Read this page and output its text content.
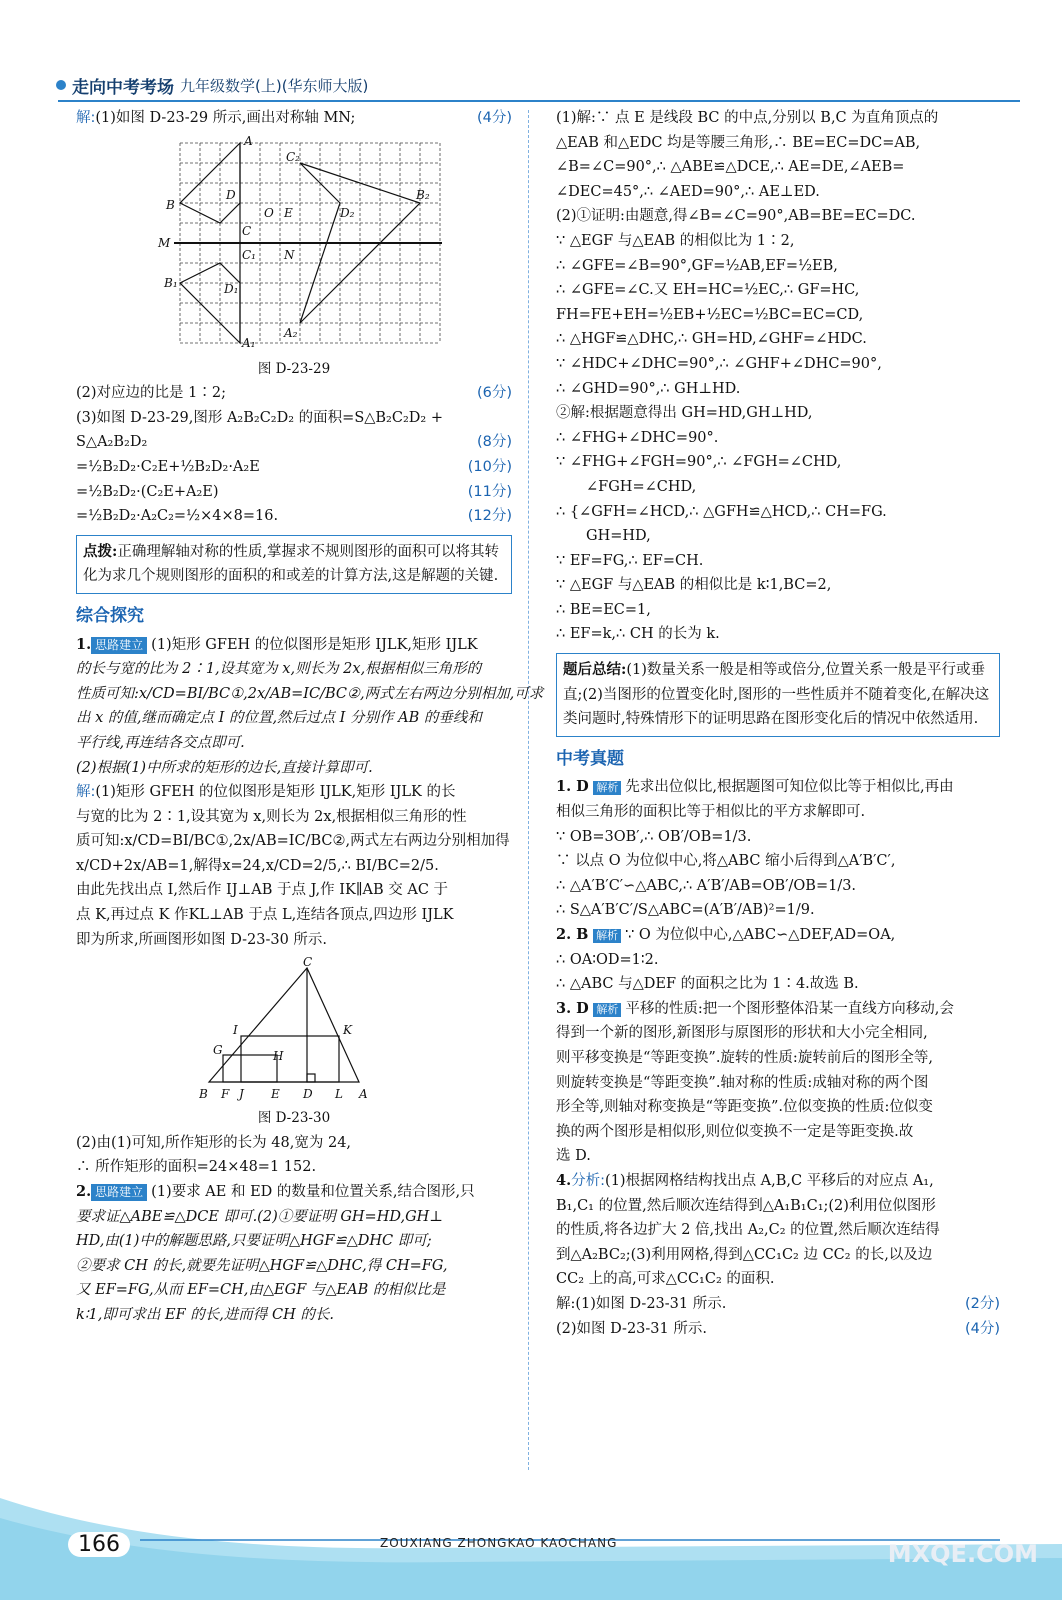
走向中考考场 九年级数学(上)(华东师大版)
解:(1)如图 D-23-29 所示,画出对称轴 MN;	(4分)
A
C₂
B
D
O E	D₂
B₂
C
M
C₁ N
B₁	D₁
A₁
A₂
图 D-23-29
(2)对应边的比是 1∶2;	(6分)
(3)如图 D-23-29,图形 A₂B₂C₂D₂ 的面积=S△B₂C₂D₂ +
S△A₂B₂D₂	(8分)
=½B₂D₂·C₂E+½B₂D₂·A₂E	(10分)
=½B₂D₂·(C₂E+A₂E)	(11分)
=½B₂D₂·A₂C₂=½×4×8=16.	(12分)
点拨:正确理解轴对称的性质,掌握求不规则图形的面积可以将其转化为求几个规则图形的面积的和或差的计算方法,这是解题的关键.
综合探究
1. 思路建立 (1)矩形 GFEH 的位似图形是矩形 IJLK,矩形 IJLK
的长与宽的比为 2∶1,设其宽为 x,则长为 2x,根据相似三角形的
性质可知:x/CD=BI/BC①,2x/AB=IC/BC②,两式左右两边分别相加,可求
出 x 的值,继而确定点 I 的位置,然后过点 I 分别作 AB 的垂线和
平行线,再连结各交点即可.
(2)根据(1)中所求的矩形的边长,直接计算即可.
解:(1)矩形 GFEH 的位似图形是矩形 IJLK,矩形 IJLK 的长
与宽的比为 2∶1,设其宽为 x,则长为 2x,根据相似三角形的性
质可知:x/CD=BI/BC①,2x/AB=IC/BC②,两式左右两边分别相加得
x/CD+2x/AB=1,解得x=24,x/CD=2/5,∴ BI/BC=2/5.
由此先找出点 I,然后作 IJ⊥AB 于点 J,作 IK∥AB 交 AC 于
点 K,再过点 K 作KL⊥AB 于点 L,连结各顶点,四边形 IJLK
即为所求,所画图形如图 D-23-30 所示.
C
I	K
G	H
B F J E D L A
图 D-23-30
(2)由(1)可知,所作矩形的长为 48,宽为 24,
∴ 所作矩形的面积=24×48=1 152.
2. 思路建立 (1)要求 AE 和 ED 的数量和位置关系,结合图形,只
要求证△ABE≌△DCE 即可.(2)①要证明 GH=HD,GH⊥
HD,由(1)中的解题思路,只要证明△HGF≌△DHC 即可;
②要求 CH 的长,就要先证明△HGF≌△DHC,得 CH=FG,
又 EF=FG,从而 EF=CH,由△EGF 与△EAB 的相似比是
k∶1,即可求出 EF 的长,进而得 CH 的长.
(1)解:∵ 点 E 是线段 BC 的中点,分别以 B,C 为直角顶点的
△EAB 和△EDC 均是等腰三角形,∴ BE=EC=DC=AB,
∠B=∠C=90°,∴ △ABE≌△DCE,∴ AE=DE,∠AEB=
∠DEC=45°,∴ ∠AED=90°,∴ AE⊥ED.
(2)①证明:由题意,得∠B=∠C=90°,AB=BE=EC=DC.
∵ △EGF 与△EAB 的相似比为 1∶2,
∴ ∠GFE=∠B=90°,GF=½AB,EF=½EB,
∴ ∠GFE=∠C.又 EH=HC=½EC,∴ GF=HC,
FH=FE+EH=½EB+½EC=½BC=EC=CD,
∴ △HGF≌△DHC,∴ GH=HD,∠GHF=∠HDC.
∵ ∠HDC+∠DHC=90°,∴ ∠GHF+∠DHC=90°,
∴ ∠GHD=90°,∴ GH⊥HD.
②解:根据题意得出 GH=HD,GH⊥HD,
∴ ∠FHG+∠DHC=90°.
∵ ∠FHG+∠FGH=90°,∴ ∠FGH=∠CHD,
∠FGH=∠CHD,
∴ {∠GFH=∠HCD,∴ △GFH≌△HCD,∴ CH=FG.
GH=HD,
∵ EF=FG,∴ EF=CH.
∵ △EGF 与△EAB 的相似比是 k∶1,BC=2,
∴ BE=EC=1,
∴ EF=k,∴ CH 的长为 k.
题后总结:(1)数量关系一般是相等或倍分,位置关系一般是平行或垂直;(2)当图形的位置变化时,图形的一些性质并不随着变化,在解决这类问题时,特殊情形下的证明思路在图形变化后的情况中依然适用.
中考真题
1. D 解析 先求出位似比,根据题图可知位似比等于相似比,再由
相似三角形的面积比等于相似比的平方求解即可.
∵ OB=3OB′,∴ OB′/OB=1/3.
∵ 以点 O 为位似中心,将△ABC 缩小后得到△A′B′C′,
∴ △A′B′C′∽△ABC,∴ A′B′/AB=OB′/OB=1/3.
∴ S△A′B′C′/S△ABC=(A′B′/AB)²=1/9.
2. B 解析 ∵ O 为位似中心,△ABC∽△DEF,AD=OA,
∴ OA∶OD=1∶2.
∴ △ABC 与△DEF 的面积之比为 1∶4.故选 B.
3. D 解析 平移的性质:把一个图形整体沿某一直线方向移动,会
得到一个新的图形,新图形与原图形的形状和大小完全相同,
则平移变换是“等距变换”.旋转的性质:旋转前后的图形全等,
则旋转变换是“等距变换”.轴对称的性质:成轴对称的两个图
形全等,则轴对称变换是“等距变换”.位似变换的性质:位似变
换的两个图形是相似形,则位似变换不一定是等距变换.故
选 D.
4.分析:(1)根据网格结构找出点 A,B,C 平移后的对应点 A₁,
B₁,C₁ 的位置,然后顺次连结得到△A₁B₁C₁;(2)利用位似图形
的性质,将各边扩大 2 倍,找出 A₂,C₂ 的位置,然后顺次连结得
到△A₂BC₂;(3)利用网格,得到△CC₁C₂ 边 CC₂ 的长,以及边
CC₂ 上的高,可求△CC₁C₂ 的面积.
解:(1)如图 D-23-31 所示.	(2分)
(2)如图 D-23-31 所示.	(4分)
166	ZOUXIANG ZHONGKAO KAOCHANG	MXQE.COM
